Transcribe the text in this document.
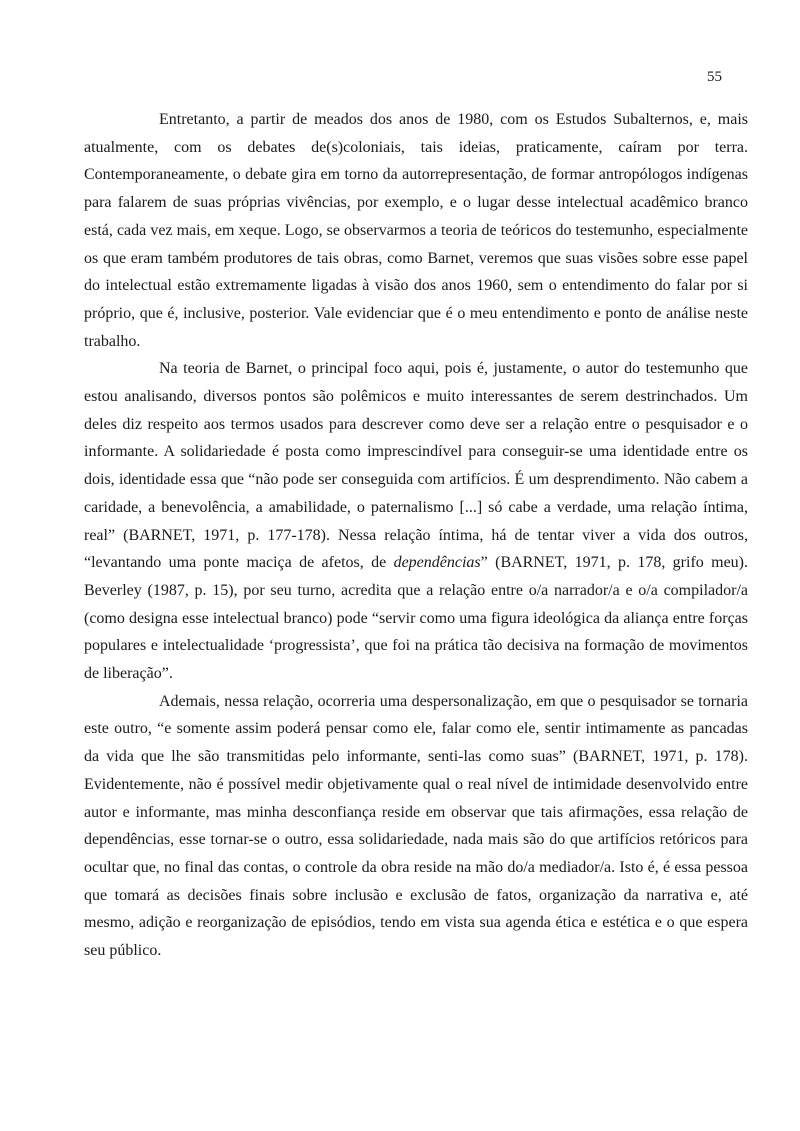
55

Entretanto, a partir de meados dos anos de 1980, com os Estudos Subalternos, e, mais atualmente, com os debates de(s)coloniais, tais ideias, praticamente, caíram por terra. Contemporaneamente, o debate gira em torno da autorrepresentação, de formar antropólogos indígenas para falarem de suas próprias vivências, por exemplo, e o lugar desse intelectual acadêmico branco está, cada vez mais, em xeque. Logo, se observarmos a teoria de teóricos do testemunho, especialmente os que eram também produtores de tais obras, como Barnet, veremos que suas visões sobre esse papel do intelectual estão extremamente ligadas à visão dos anos 1960, sem o entendimento do falar por si próprio, que é, inclusive, posterior. Vale evidenciar que é o meu entendimento e ponto de análise neste trabalho.

Na teoria de Barnet, o principal foco aqui, pois é, justamente, o autor do testemunho que estou analisando, diversos pontos são polêmicos e muito interessantes de serem destrinchados. Um deles diz respeito aos termos usados para descrever como deve ser a relação entre o pesquisador e o informante. A solidariedade é posta como imprescindível para conseguir-se uma identidade entre os dois, identidade essa que “não pode ser conseguida com artifícios. É um desprendimento. Não cabem a caridade, a benevolência, a amabilidade, o paternalismo [...] só cabe a verdade, uma relação íntima, real” (BARNET, 1971, p. 177-178). Nessa relação íntima, há de tentar viver a vida dos outros, “levantando uma ponte maciça de afetos, de dependências” (BARNET, 1971, p. 178, grifo meu). Beverley (1987, p. 15), por seu turno, acredita que a relação entre o/a narrador/a e o/a compilador/a (como designa esse intelectual branco) pode “servir como uma figura ideológica da aliança entre forças populares e intelectualidade ‘progressista’, que foi na prática tão decisiva na formação de movimentos de liberação”.

Ademais, nessa relação, ocorreria uma despersonalização, em que o pesquisador se tornaria este outro, “e somente assim poderá pensar como ele, falar como ele, sentir intimamente as pancadas da vida que lhe são transmitidas pelo informante, senti-las como suas” (BARNET, 1971, p. 178). Evidentemente, não é possível medir objetivamente qual o real nível de intimidade desenvolvido entre autor e informante, mas minha desconfiança reside em observar que tais afirmações, essa relação de dependências, esse tornar-se o outro, essa solidariedade, nada mais são do que artifícios retóricos para ocultar que, no final das contas, o controle da obra reside na mão do/a mediador/a. Isto é, é essa pessoa que tomará as decisões finais sobre inclusão e exclusão de fatos, organização da narrativa e, até mesmo, adição e reorganização de episódios, tendo em vista sua agenda ética e estética e o que espera seu público.
